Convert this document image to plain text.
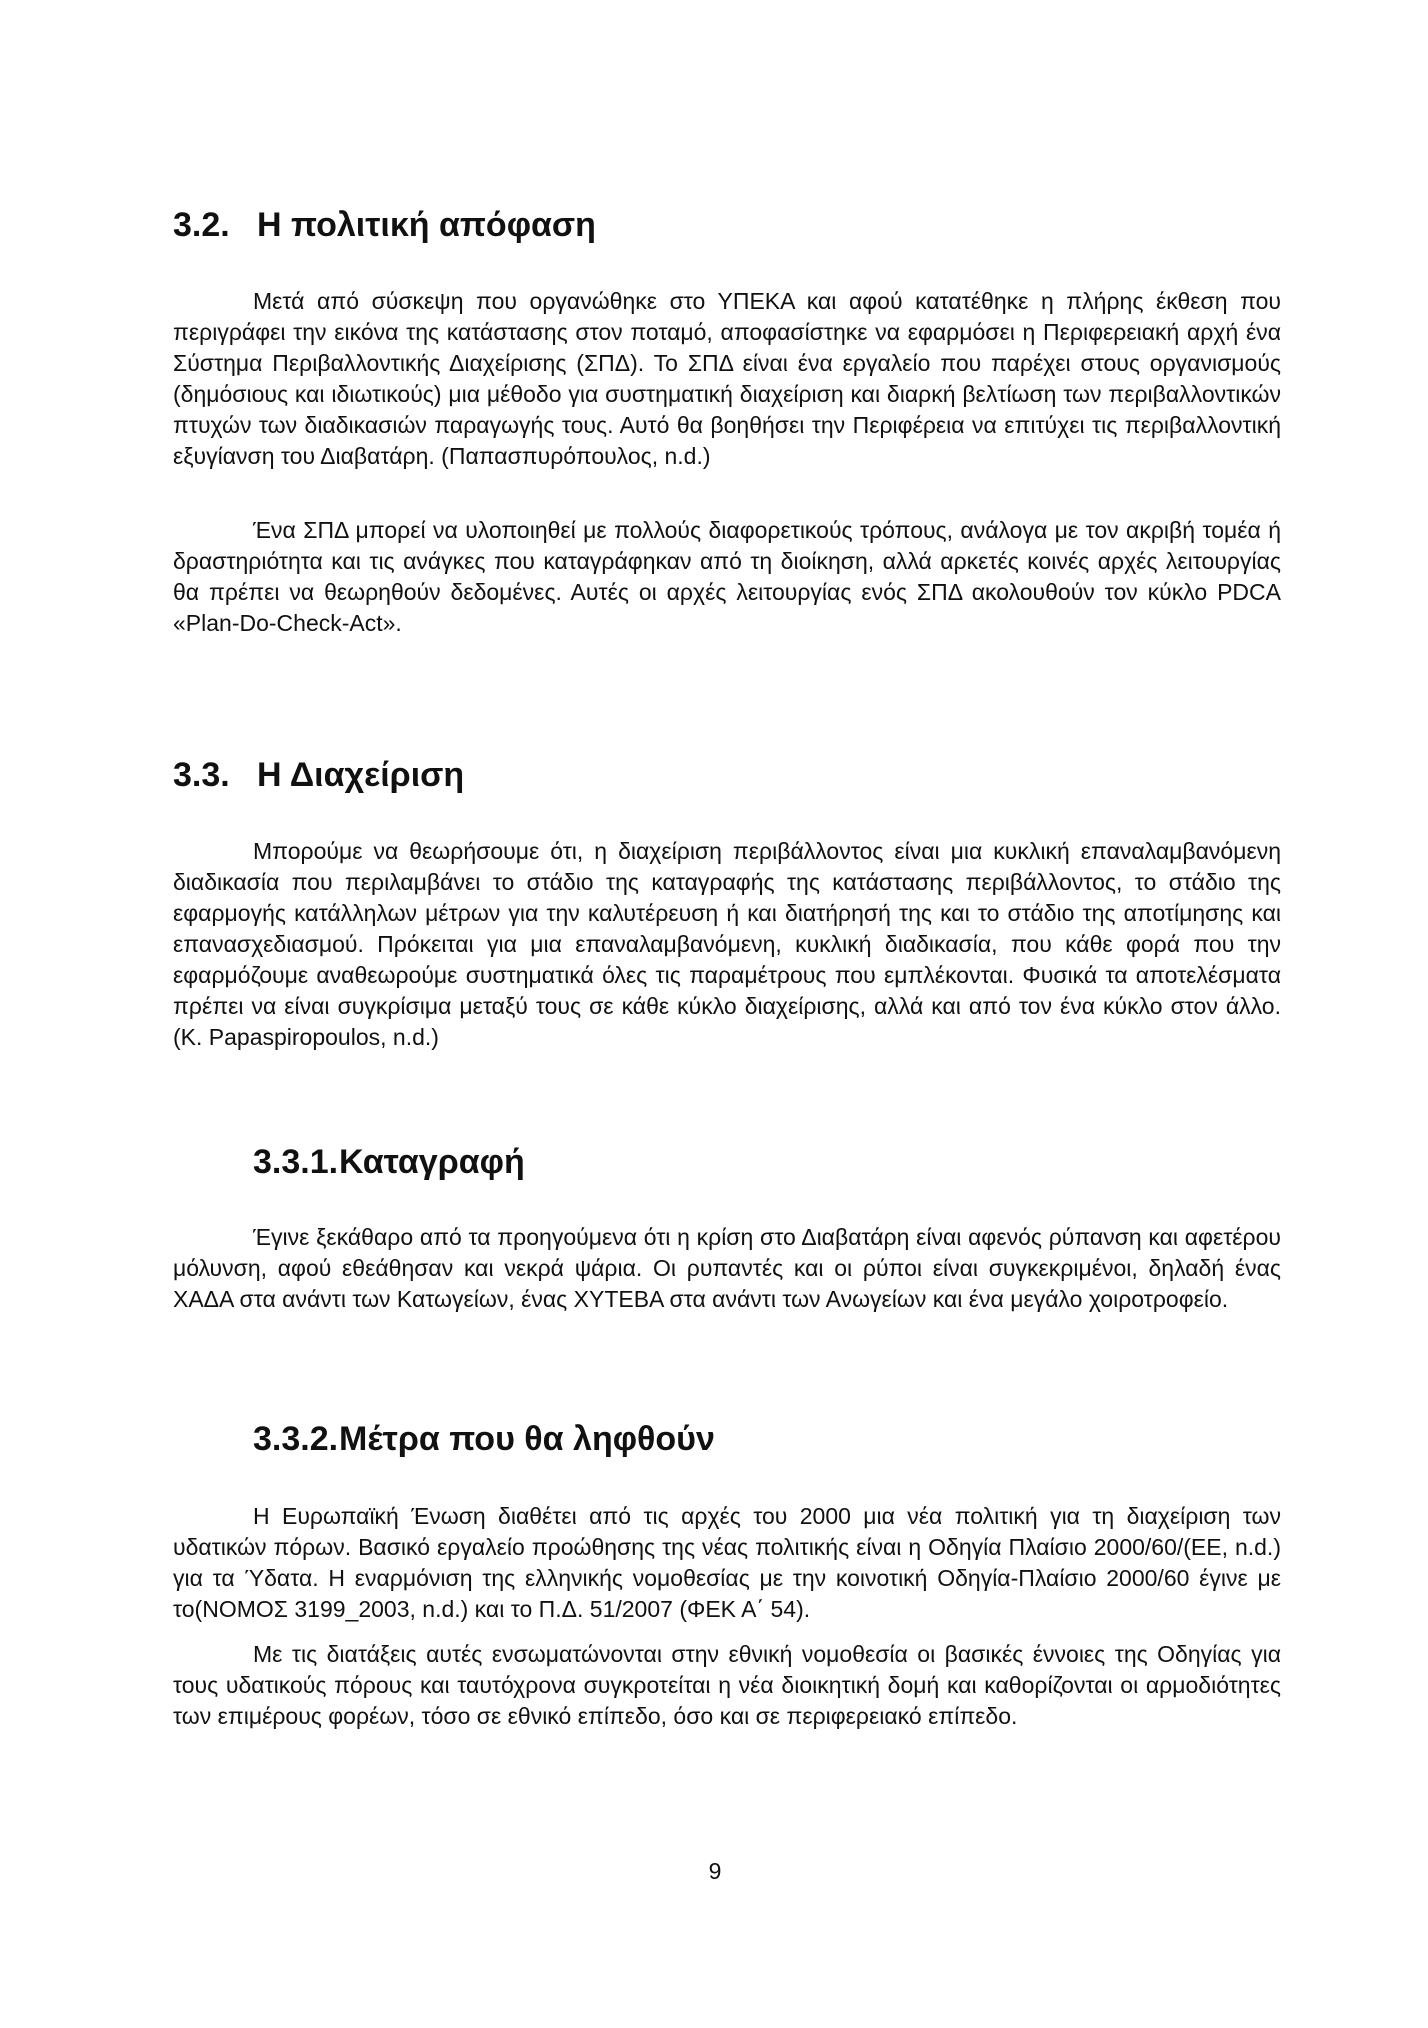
3.2. Η πολιτική απόφαση

Μετά από σύσκεψη που οργανώθηκε στο ΥΠΕΚΑ και αφού κατατέθηκε η πλήρης έκθεση που περιγράφει την εικόνα της κατάστασης στον ποταμό, αποφασίστηκε να εφαρμόσει η Περιφερειακή αρχή ένα Σύστημα Περιβαλλοντικής Διαχείρισης (ΣΠΔ). Το ΣΠΔ είναι ένα εργαλείο που παρέχει στους οργανισμούς (δημόσιους και ιδιωτικούς) μια μέθοδο για συστηματική διαχείριση και διαρκή βελτίωση των περιβαλλοντικών πτυχών των διαδικασιών παραγωγής τους. Αυτό θα βοηθήσει την Περιφέρεια να επιτύχει τις περιβαλλοντική εξυγίανση του Διαβατάρη. (Παπασπυρόπουλος, n.d.)

Ένα ΣΠΔ μπορεί να υλοποιηθεί με πολλούς διαφορετικούς τρόπους, ανάλογα με τον ακριβή τομέα ή δραστηριότητα και τις ανάγκες που καταγράφηκαν από τη διοίκηση, αλλά αρκετές κοινές αρχές λειτουργίας θα πρέπει να θεωρηθούν δεδομένες. Αυτές οι αρχές λειτουργίας ενός ΣΠΔ ακολουθούν τον κύκλο PDCA «Plan-Do-Check-Act».

3.3. Η Διαχείριση

Μπορούμε να θεωρήσουμε ότι, η διαχείριση περιβάλλοντος είναι μια κυκλική επαναλαμβανόμενη διαδικασία που περιλαμβάνει το στάδιο της καταγραφής της κατάστασης περιβάλλοντος, το στάδιο της εφαρμογής κατάλληλων μέτρων για την καλυτέρευση ή και διατήρησή της και το στάδιο της αποτίμησης και επανασχεδιασμού. Πρόκειται για μια επαναλαμβανόμενη, κυκλική διαδικασία, που κάθε φορά που την εφαρμόζουμε αναθεωρούμε συστηματικά όλες τις παραμέτρους που εμπλέκονται. Φυσικά τα αποτελέσματα πρέπει να είναι συγκρίσιμα μεταξύ τους σε κάθε κύκλο διαχείρισης, αλλά και από τον ένα κύκλο στον άλλο. (K. Papaspiropoulos, n.d.)

3.3.1.Καταγραφή

Έγινε ξεκάθαρο από τα προηγούμενα ότι η κρίση στο Διαβατάρη είναι αφενός ρύπανση και αφετέρου μόλυνση, αφού εθεάθησαν και νεκρά ψάρια. Οι ρυπαντές και οι ρύποι είναι συγκεκριμένοι, δηλαδή ένας ΧΑΔΑ στα ανάντι των Κατωγείων, ένας ΧΥΤΕΒΑ στα ανάντι των Ανωγείων και ένα μεγάλο χοιροτροφείο.

3.3.2.Μέτρα που θα ληφθούν

Η Ευρωπαϊκή Ένωση διαθέτει από τις αρχές του 2000 μια νέα πολιτική για τη διαχείριση των υδατικών πόρων. Βασικό εργαλείο προώθησης της νέας πολιτικής είναι η Οδηγία Πλαίσιο 2000/60/(ΕΕ, n.d.) για τα Ύδατα. Η εναρμόνιση της ελληνικής νομοθεσίας με την κοινοτική Οδηγία-Πλαίσιο 2000/60 έγινε με το(ΝΟΜΟΣ 3199_2003, n.d.) και το Π.Δ. 51/2007 (ΦΕΚ Α΄ 54).

Με τις διατάξεις αυτές ενσωματώνονται στην εθνική νομοθεσία οι βασικές έννοιες της Οδηγίας για τους υδατικούς πόρους και ταυτόχρονα συγκροτείται η νέα διοικητική δομή και καθορίζονται οι αρμοδιότητες των επιμέρους φορέων, τόσο σε εθνικό επίπεδο, όσο και σε περιφερειακό επίπεδο.

9
